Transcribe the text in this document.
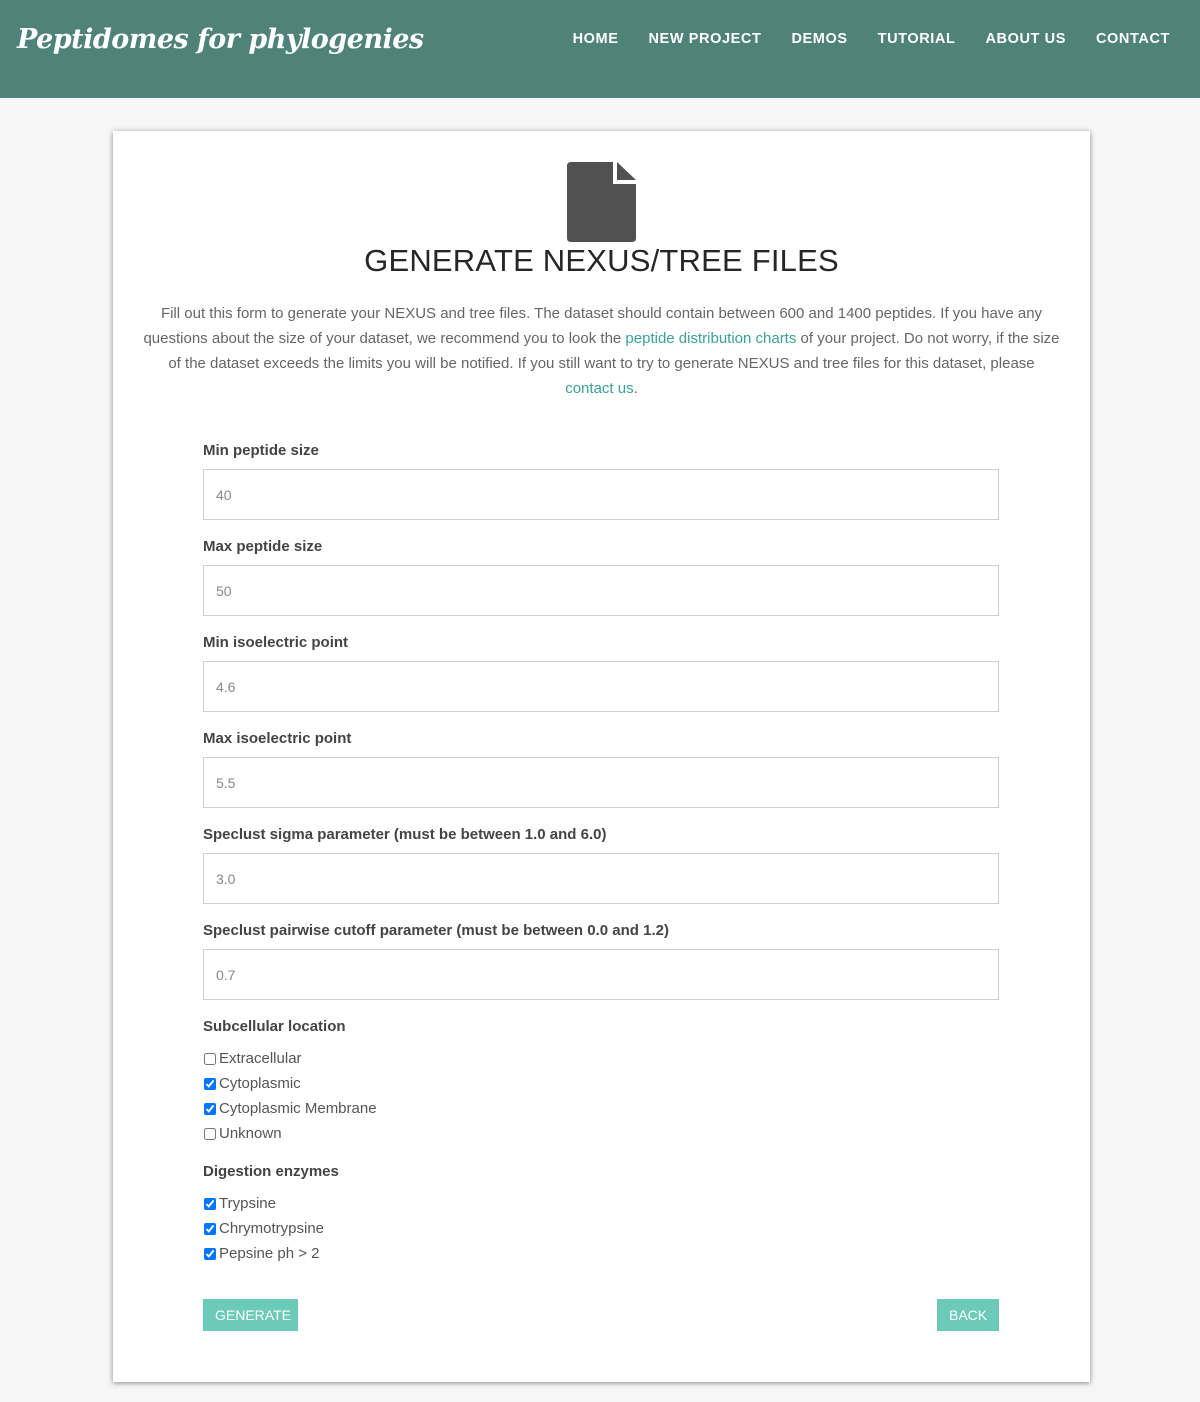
Peptidomes for phylogenies	HOME NEW PROJECT DEMOS TUTORIAL ABOUT US CONTACT
GENERATE NEXUS/TREE FILES

Fill out this form to generate your NEXUS and tree files. The dataset should contain between 600 and 1400 peptides. If you have any questions about the size of your dataset, we recommend you to look the peptide distribution charts of your project. Do not worry, if the size of the dataset exceeds the limits you will be notified. If you still want to try to generate NEXUS and tree files for this dataset, please contact us.

Min peptide size
40
Max peptide size
50
Min isoelectric point
4.6
Max isoelectric point
5.5
Speclust sigma parameter (must be between 1.0 and 6.0)
3.0
Speclust pairwise cutoff parameter (must be between 0.0 and 1.2)
0.7
Subcellular location
Extracellular
Cytoplasmic
Cytoplasmic Membrane
Unknown
Digestion enzymes
Trypsine
Chrymotrypsine
Pepsine ph > 2
GENERATE	BACK
